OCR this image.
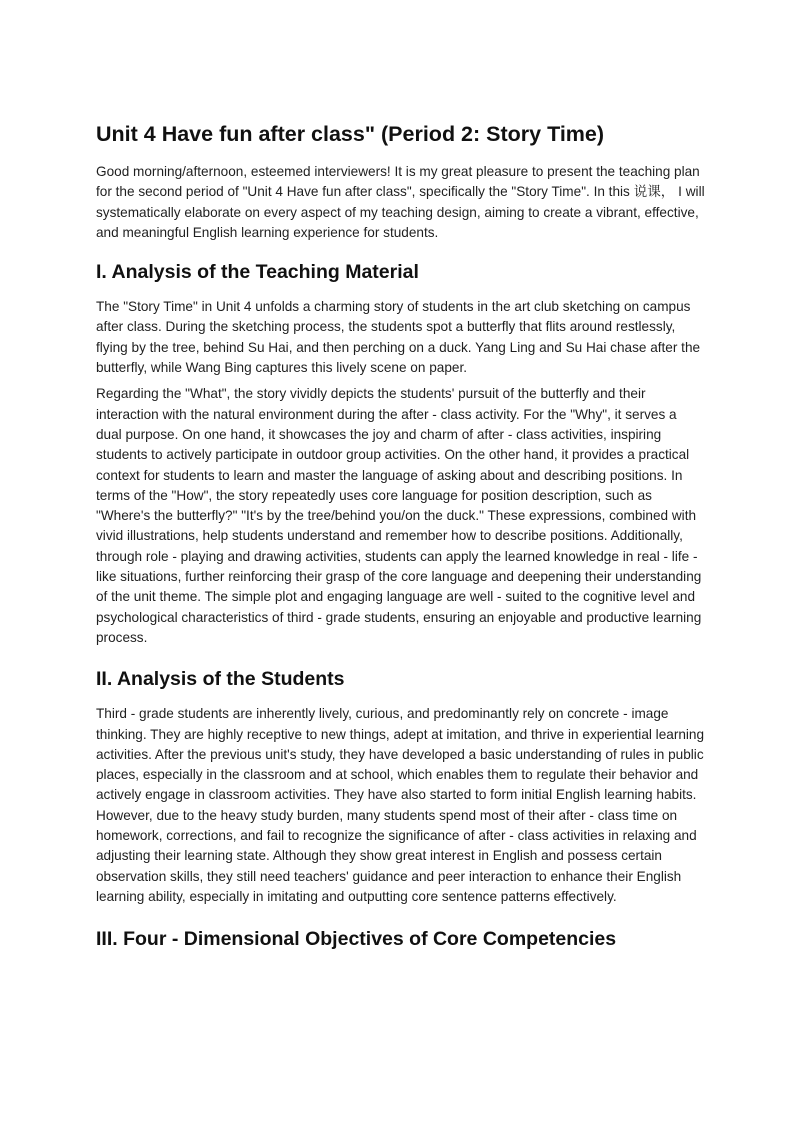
Unit 4 Have fun after class" (Period 2: Story Time)

Good morning/afternoon, esteemed interviewers! It is my great pleasure to present the teaching plan for the second period of "Unit 4 Have fun after class", specifically the "Story Time". In this 说课， I will systematically elaborate on every aspect of my teaching design, aiming to create a vibrant, effective, and meaningful English learning experience for students.

I. Analysis of the Teaching Material

The "Story Time" in Unit 4 unfolds a charming story of students in the art club sketching on campus after class. During the sketching process, the students spot a butterfly that flits around restlessly, flying by the tree, behind Su Hai, and then perching on a duck. Yang Ling and Su Hai chase after the butterfly, while Wang Bing captures this lively scene on paper.

Regarding the "What", the story vividly depicts the students' pursuit of the butterfly and their interaction with the natural environment during the after - class activity. For the "Why", it serves a dual purpose. On one hand, it showcases the joy and charm of after - class activities, inspiring students to actively participate in outdoor group activities. On the other hand, it provides a practical context for students to learn and master the language of asking about and describing positions. In terms of the "How", the story repeatedly uses core language for position description, such as "Where's the butterfly?" "It's by the tree/behind you/on the duck." These expressions, combined with vivid illustrations, help students understand and remember how to describe positions. Additionally, through role - playing and drawing activities, students can apply the learned knowledge in real - life - like situations, further reinforcing their grasp of the core language and deepening their understanding of the unit theme. The simple plot and engaging language are well - suited to the cognitive level and psychological characteristics of third - grade students, ensuring an enjoyable and productive learning process.

II. Analysis of the Students

Third - grade students are inherently lively, curious, and predominantly rely on concrete - image thinking. They are highly receptive to new things, adept at imitation, and thrive in experiential learning activities. After the previous unit's study, they have developed a basic understanding of rules in public places, especially in the classroom and at school, which enables them to regulate their behavior and actively engage in classroom activities. They have also started to form initial English learning habits. However, due to the heavy study burden, many students spend most of their after - class time on homework, corrections, and fail to recognize the significance of after - class activities in relaxing and adjusting their learning state. Although they show great interest in English and possess certain observation skills, they still need teachers' guidance and peer interaction to enhance their English learning ability, especially in imitating and outputting core sentence patterns effectively.

III. Four - Dimensional Objectives of Core Competencies
